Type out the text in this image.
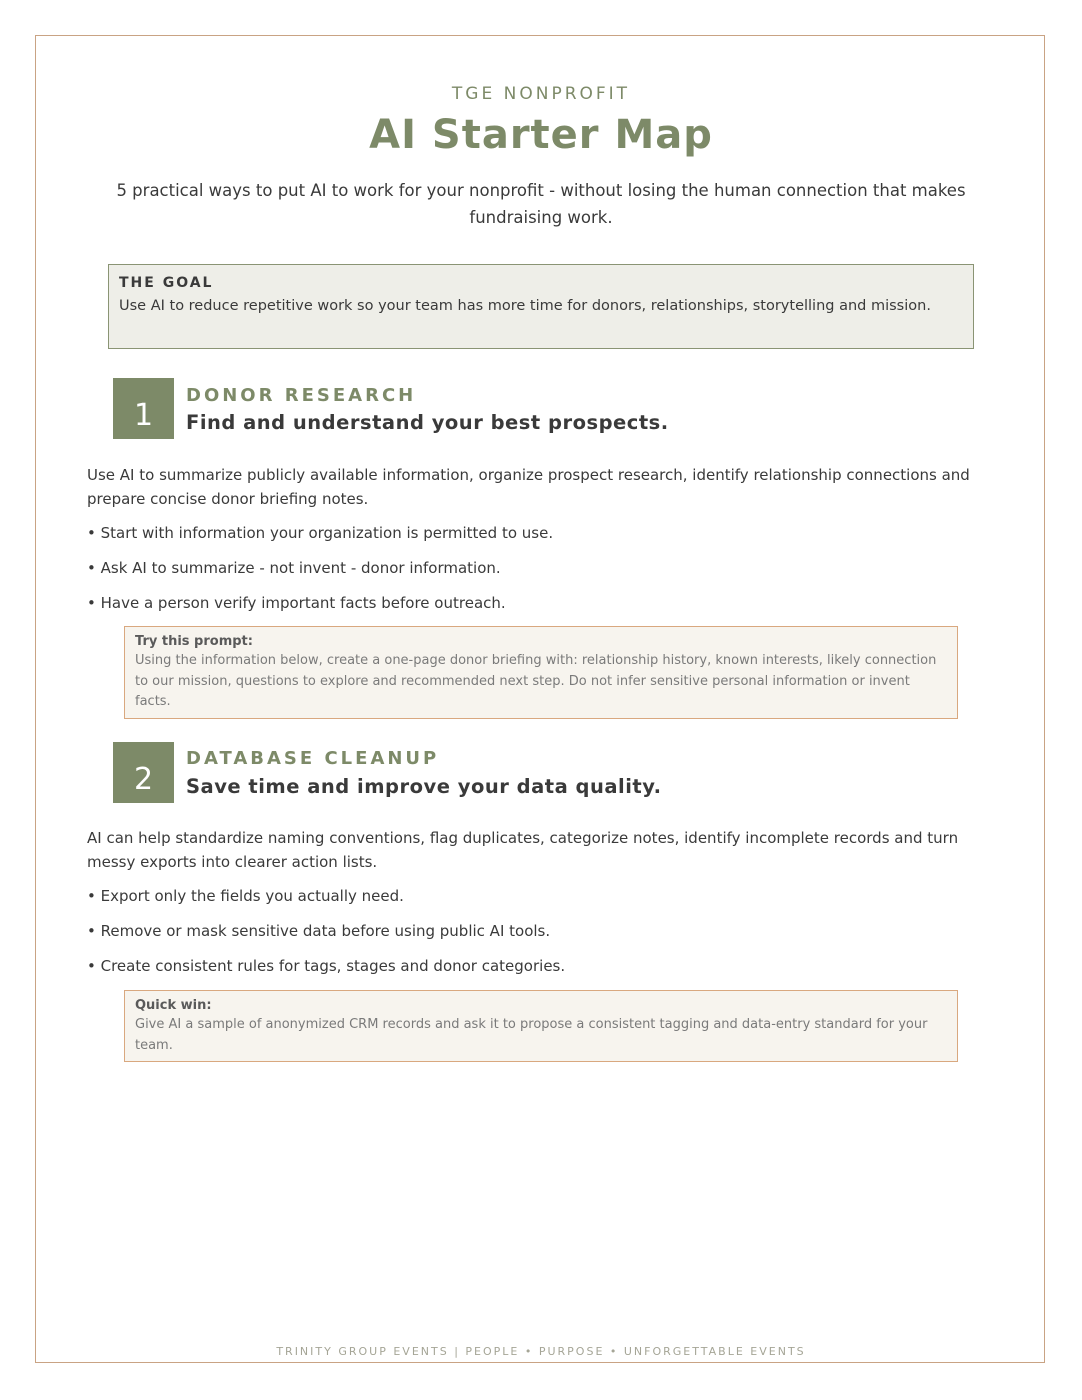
TGE NONPROFIT
AI Starter Map
5 practical ways to put AI to work for your nonprofit - without losing the human connection that makes fundraising work.
THE GOAL
Use AI to reduce repetitive work so your team has more time for donors, relationships, storytelling and mission.
1
DONOR RESEARCH
Find and understand your best prospects.
Use AI to summarize publicly available information, organize prospect research, identify relationship connections and prepare concise donor briefing notes.
• Start with information your organization is permitted to use.
• Ask AI to summarize - not invent - donor information.
• Have a person verify important facts before outreach.
Try this prompt:
Using the information below, create a one-page donor briefing with: relationship history, known interests, likely connection to our mission, questions to explore and recommended next step. Do not infer sensitive personal information or invent facts.
2
DATABASE CLEANUP
Save time and improve your data quality.
AI can help standardize naming conventions, flag duplicates, categorize notes, identify incomplete records and turn messy exports into clearer action lists.
• Export only the fields you actually need.
• Remove or mask sensitive data before using public AI tools.
• Create consistent rules for tags, stages and donor categories.
Quick win:
Give AI a sample of anonymized CRM records and ask it to propose a consistent tagging and data-entry standard for your team.
TRINITY GROUP EVENTS | PEOPLE • PURPOSE • UNFORGETTABLE EVENTS
